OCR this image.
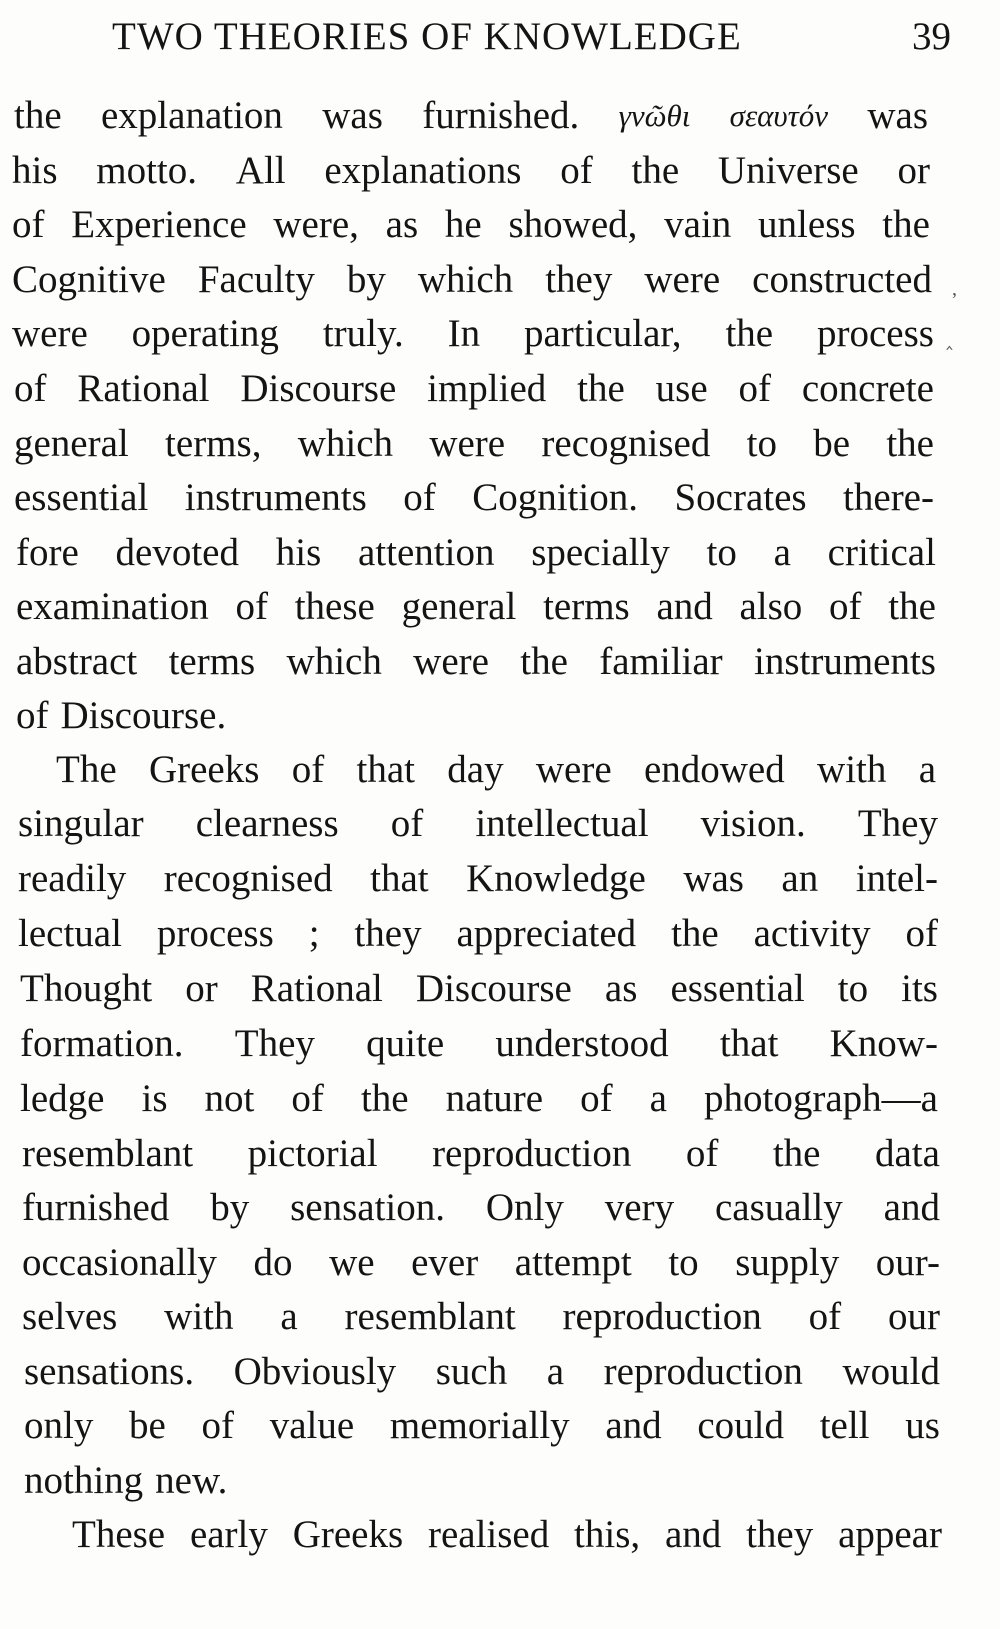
TWO THEORIES OF KNOWLEDGE	39
the explanation was furnished. γνῶθι σεαυτόν was
his motto. All explanations of the Universe or
of Experience were, as he showed, vain unless the
Cognitive Faculty by which they were constructed
were operating truly. In particular, the process
of Rational Discourse implied the use of concrete
general terms, which were recognised to be the
essential instruments of Cognition. Socrates there-
fore devoted his attention specially to a critical
examination of these general terms and also of the
abstract terms which were the familiar instruments
of Discourse.
The Greeks of that day were endowed with a
singular clearness of intellectual vision. They
readily recognised that Knowledge was an intel-
lectual process ; they appreciated the activity of
Thought or Rational Discourse as essential to its
formation. They quite understood that Know-
ledge is not of the nature of a photograph—a
resemblant pictorial reproduction of the data
furnished by sensation. Only very casually and
occasionally do we ever attempt to supply our-
selves with a resemblant reproduction of our
sensations. Obviously such a reproduction would
only be of value memorially and could tell us
nothing new.
These early Greeks realised this, and they appear
,
‸
